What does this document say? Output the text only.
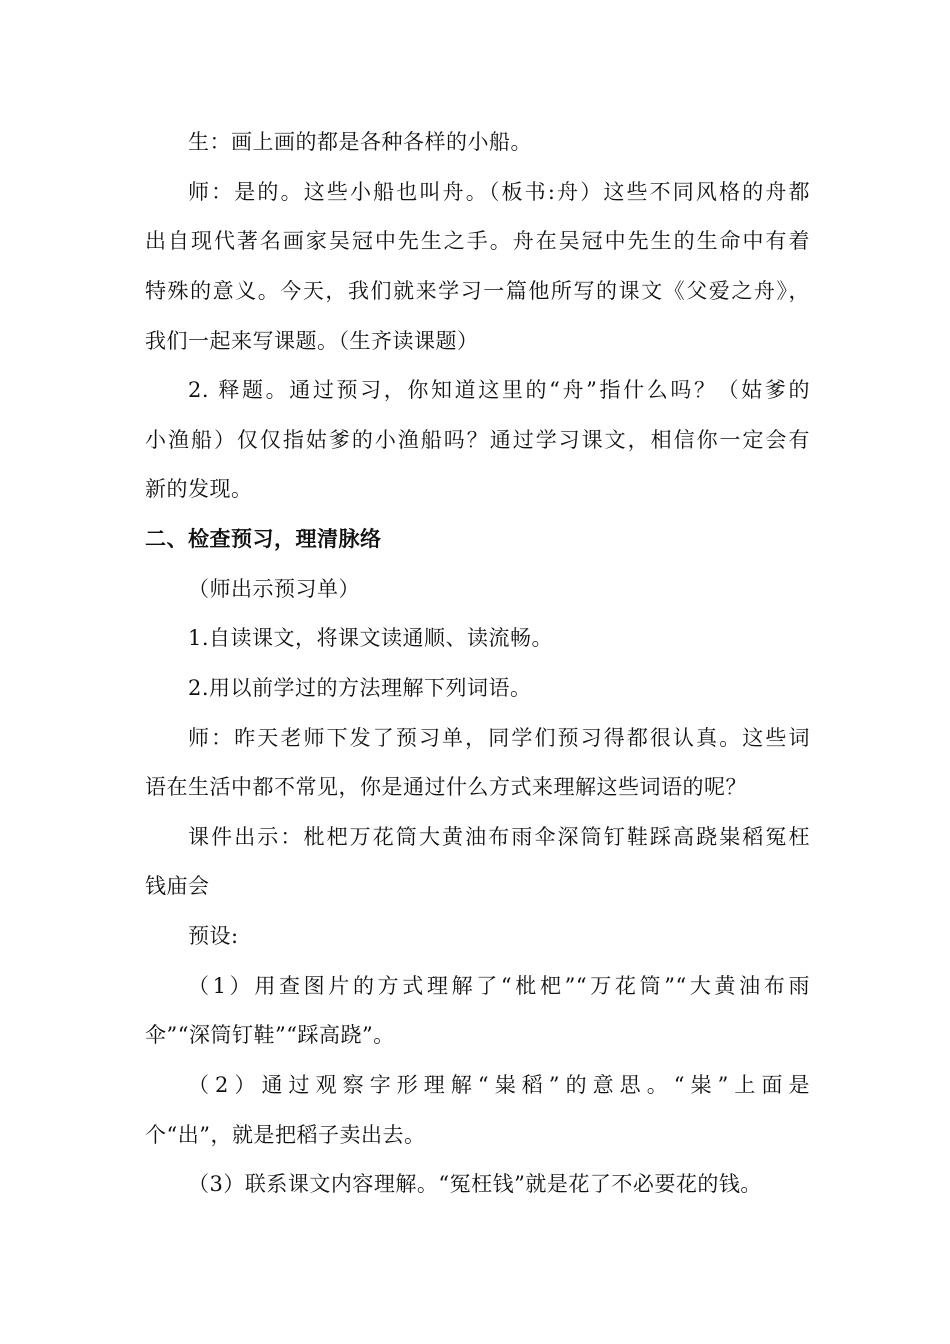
生：画上画的都是各种各样的小船。
师：是的。这些小船也叫舟。（板书:舟）这些不同风格的舟都
出自现代著名画家吴冠中先生之手。舟在吴冠中先生的生命中有着
特殊的意义。今天，我们就来学习一篇他所写的课文《父爱之舟》，
我们一起来写课题。（生齐读课题）
2. 释题。通过预习，你知道这里的“舟”指什么吗？（姑爹的
小渔船）仅仅指姑爹的小渔船吗？通过学习课文，相信你一定会有
新的发现。
二、检查预习，理清脉络
（师出示预习单）
1.自读课文，将课文读通顺、读流畅。
2.用以前学过的方法理解下列词语。
师：昨天老师下发了预习单，同学们预习得都很认真。这些词
语在生活中都不常见，你是通过什么方式来理解这些词语的呢？
课件出示：枇杷万花筒大黄油布雨伞深筒钉鞋踩高跷粜稻冤枉
钱庙会
预设:
（1）用查图片的方式理解了“枇杷”“万花筒”“大黄油布雨
伞”“深筒钉鞋”“踩高跷”。
（2）通过观察字形理解“粜稻”的意思。“粜”上面是
个“出”，就是把稻子卖出去。
（3）联系课文内容理解。“冤枉钱”就是花了不必要花的钱。
